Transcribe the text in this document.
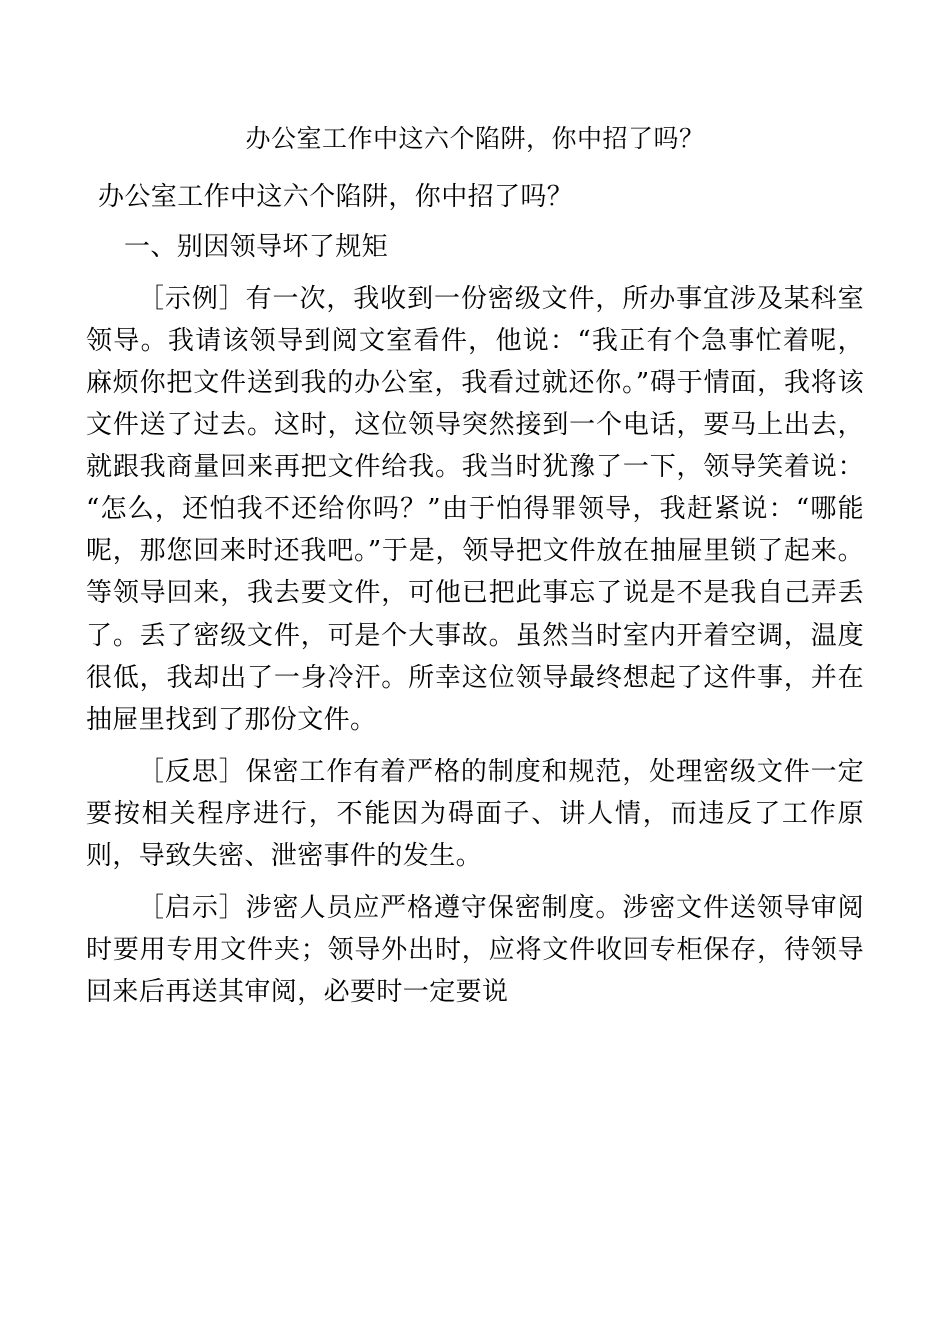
办公室工作中这六个陷阱，你中招了吗？

办公室工作中这六个陷阱，你中招了吗？

一、别因领导坏了规矩

［示例］有一次，我收到一份密级文件，所办事宜涉及某科室领导。我请该领导到阅文室看件，他说：“我正有个急事忙着呢，麻烦你把文件送到我的办公室，我看过就还你。”碍于情面，我将该文件送了过去。这时，这位领导突然接到一个电话，要马上出去，就跟我商量回来再把文件给我。我当时犹豫了一下，领导笑着说：“怎么，还怕我不还给你吗？”由于怕得罪领导，我赶紧说：“哪能呢，那您回来时还我吧。”于是，领导把文件放在抽屉里锁了起来。等领导回来，我去要文件，可他已把此事忘了说是不是我自己弄丢了。丢了密级文件，可是个大事故。虽然当时室内开着空调，温度很低，我却出了一身冷汗。所幸这位领导最终想起了这件事，并在抽屉里找到了那份文件。

［反思］保密工作有着严格的制度和规范，处理密级文件一定要按相关程序进行，不能因为碍面子、讲人情，而违反了工作原则，导致失密、泄密事件的发生。

［启示］涉密人员应严格遵守保密制度。涉密文件送领导审阅时要用专用文件夹；领导外出时，应将文件收回专柜保存，待领导回来后再送其审阅，必要时一定要说
